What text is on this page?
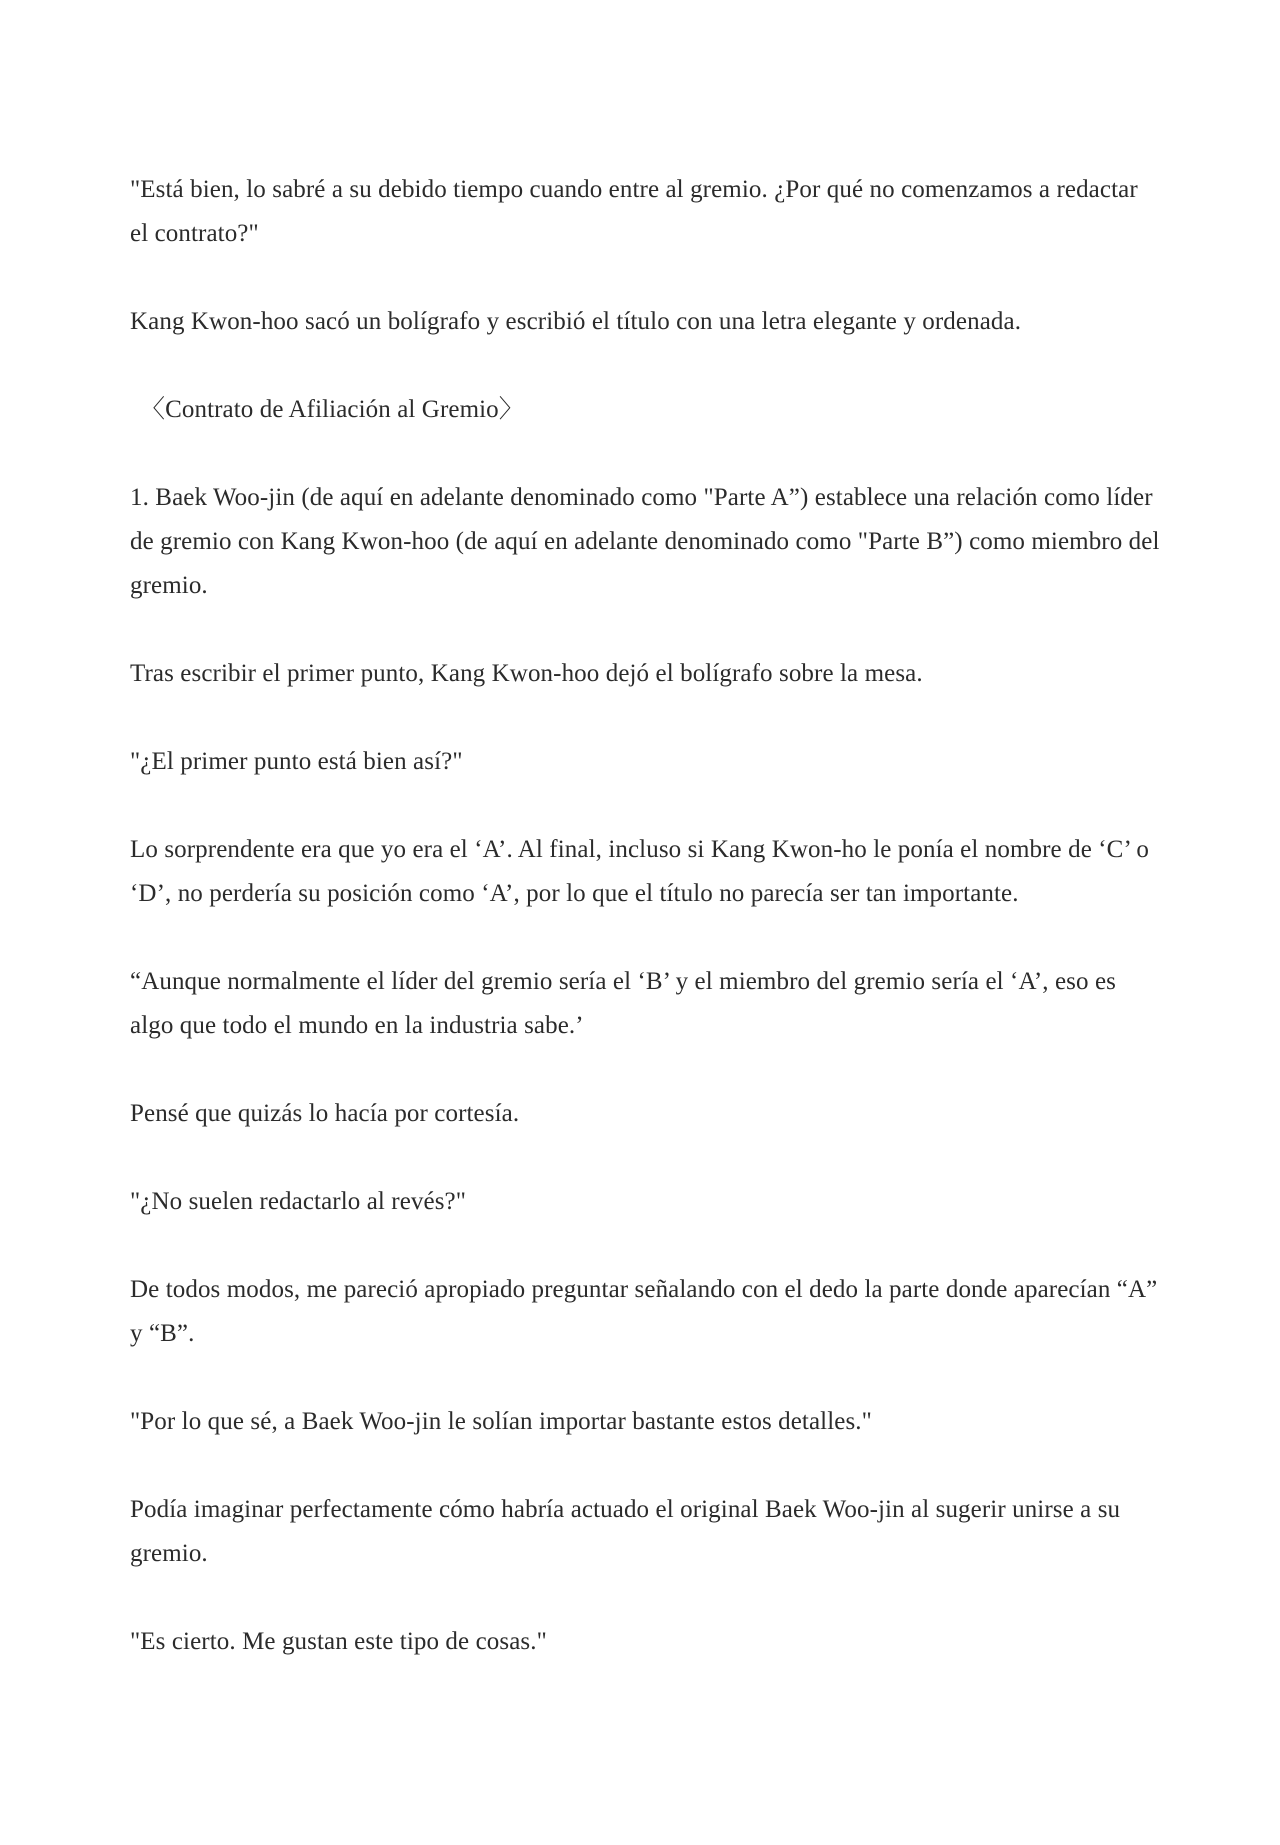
"Está bien, lo sabré a su debido tiempo cuando entre al gremio. ¿Por qué no comenzamos a redactar el contrato?"

Kang Kwon-hoo sacó un bolígrafo y escribió el título con una letra elegante y ordenada.

〈Contrato de Afiliación al Gremio〉

1. Baek Woo-jin (de aquí en adelante denominado como "Parte A”) establece una relación como líder de gremio con Kang Kwon-hoo (de aquí en adelante denominado como "Parte B”) como miembro del gremio.

Tras escribir el primer punto, Kang Kwon-hoo dejó el bolígrafo sobre la mesa.

"¿El primer punto está bien así?"

Lo sorprendente era que yo era el ‘A’. Al final, incluso si Kang Kwon-ho le ponía el nombre de ‘C’ o ‘D’, no perdería su posición como ‘A’, por lo que el título no parecía ser tan importante.

“Aunque normalmente el líder del gremio sería el ‘B’ y el miembro del gremio sería el ‘A’, eso es algo que todo el mundo en la industria sabe.’

Pensé que quizás lo hacía por cortesía.

"¿No suelen redactarlo al revés?"

De todos modos, me pareció apropiado preguntar señalando con el dedo la parte donde aparecían “A” y “B”.

"Por lo que sé, a Baek Woo-jin le solían importar bastante estos detalles."

Podía imaginar perfectamente cómo habría actuado el original Baek Woo-jin al sugerir unirse a su gremio.

"Es cierto. Me gustan este tipo de cosas."
